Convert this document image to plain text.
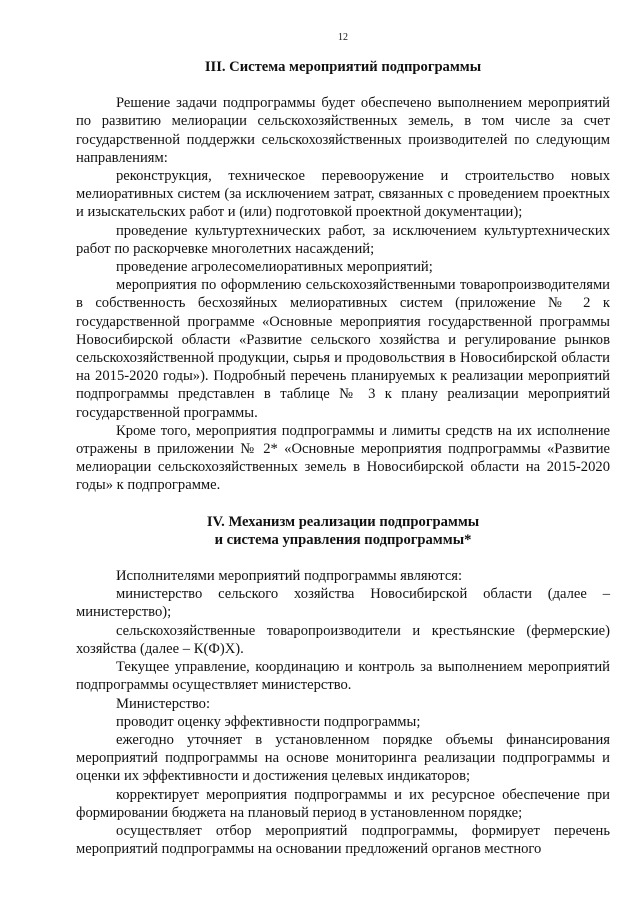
12
III. Система мероприятий подпрограммы

Решение задачи подпрограммы будет обеспечено выполнением мероприятий по развитию мелиорации сельскохозяйственных земель, в том числе за счет государственной поддержки сельскохозяйственных производителей по следующим направлениям:

реконструкция, техническое перевооружение и строительство новых мелиоративных систем (за исключением затрат, связанных с проведением проектных и изыскательских работ и (или) подготовкой проектной документации);

проведение культуртехнических работ, за исключением культуртехнических работ по раскорчевке многолетних насаждений;

проведение агролесомелиоративных мероприятий;

мероприятия по оформлению сельскохозяйственными товаропроизводителями в собственность бесхозяйных мелиоративных систем (приложение № 2 к государственной программе «Основные мероприятия государственной программы Новосибирской области «Развитие сельского хозяйства и регулирование рынков сельскохозяйственной продукции, сырья и продовольствия в Новосибирской области на 2015-2020 годы»). Подробный перечень планируемых к реализации мероприятий подпрограммы представлен в таблице № 3 к плану реализации мероприятий государственной программы.

Кроме того, мероприятия подпрограммы и лимиты средств на их исполнение отражены в приложении № 2* «Основные мероприятия подпрограммы «Развитие мелиорации сельскохозяйственных земель в Новосибирской области на 2015-2020 годы» к подпрограмме.

IV. Механизм реализации подпрограммы
и система управления подпрограммы*

Исполнителями мероприятий подпрограммы являются:

министерство сельского хозяйства Новосибирской области (далее – министерство);

сельскохозяйственные товаропроизводители и крестьянские (фермерские) хозяйства (далее – К(Ф)Х).

Текущее управление, координацию и контроль за выполнением мероприятий подпрограммы осуществляет министерство.

Министерство:

проводит оценку эффективности подпрограммы;

ежегодно уточняет в установленном порядке объемы финансирования мероприятий подпрограммы на основе мониторинга реализации подпрограммы и оценки их эффективности и достижения целевых индикаторов;

корректирует мероприятия подпрограммы и их ресурсное обеспечение при формировании бюджета на плановый период в установленном порядке;

осуществляет отбор мероприятий подпрограммы, формирует перечень мероприятий подпрограммы на основании предложений органов местного
